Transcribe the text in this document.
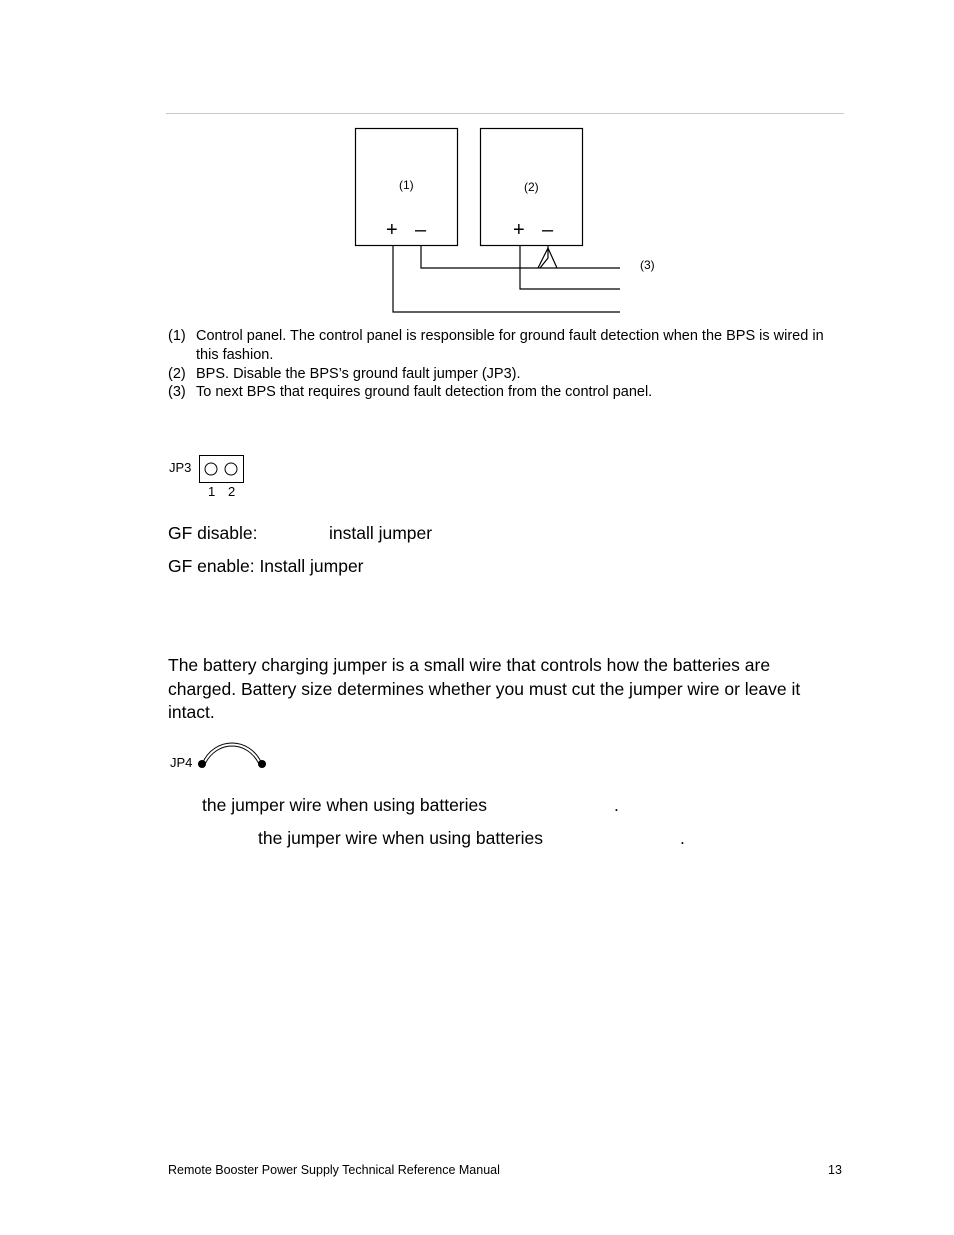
(1)	(2)
(3)
+ –	+ –
(1) Control panel. The control panel is responsible for ground fault detection when the BPS is wired in this fashion.
(2) BPS. Disable the BPS’s ground fault jumper (JP3).
(3) To next BPS that requires ground fault detection from the control panel.
JP3
1 2
GF disable:	install jumper
GF enable: Install jumper
The battery charging jumper is a small wire that controls how the batteries are charged. Battery size determines whether you must cut the jumper wire or leave it intact.
JP4
the jumper wire when using batteries	.
the jumper wire when using batteries	.
Remote Booster Power Supply Technical Reference Manual	13
